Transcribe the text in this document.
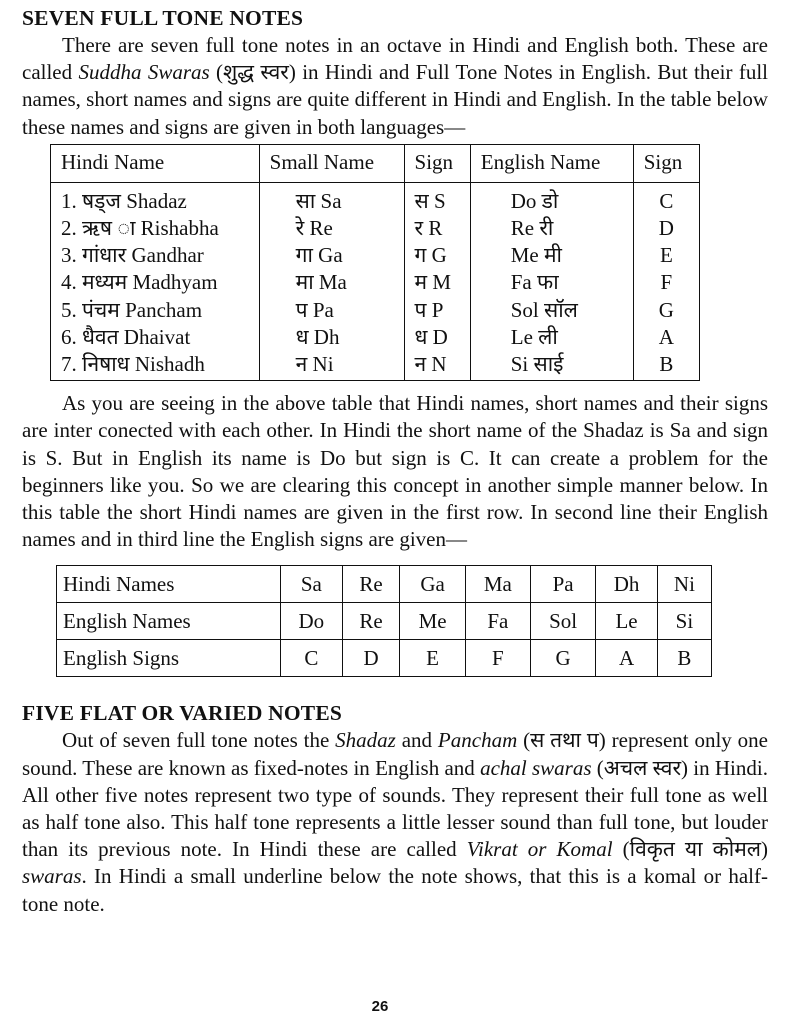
SEVEN FULL TONE NOTES

There are seven full tone notes in an octave in Hindi and English both. These are called Suddha Swaras (शुद्ध स्वर) in Hindi and Full Tone Notes in English. But their full names, short names and signs are quite different in Hindi and English. In the table below these names and signs are given in both languages—

Hindi Name	Small Name	Sign	English Name	Sign
1. षड्ज Shadaz	सा Sa	स S	Do डो	C
2. ऋष ा Rishabha	रे Re	र R	Re री	D
3. गांधार Gandhar	गा Ga	ग G	Me मी	E
4. मध्यम Madhyam	मा Ma	म M	Fa फा	F
5. पंचम Pancham	प Pa	प P	Sol सॉल	G
6. धैवत Dhaivat	ध Dh	ध D	Le ली	A
7. निषाध Nishadh	न Ni	न N	Si साई	B

As you are seeing in the above table that Hindi names, short names and their signs are inter conected with each other. In Hindi the short name of the Shadaz is Sa and sign is S. But in English its name is Do but sign is C. It can create a problem for the beginners like you. So we are clearing this concept in another simple manner below. In this table the short Hindi names are given in the first row. In second line their English names and in third line the English signs are given—

Hindi Names	Sa	Re	Ga	Ma	Pa	Dh	Ni
English Names	Do	Re	Me	Fa	Sol	Le	Si
English Signs	C	D	E	F	G	A	B
FIVE FLAT OR VARIED NOTES

Out of seven full tone notes the Shadaz and Pancham (स तथा प) represent only one sound. These are known as fixed-notes in English and achal swaras (अचल स्वर) in Hindi. All other five notes represent two type of sounds. They represent their full tone as well as half tone also. This half tone represents a little lesser sound than full tone, but louder than its previous note. In Hindi these are called Vikrat or Komal (विकृत या कोमल) swaras. In Hindi a small underline below the note shows, that this is a komal or half-tone note.

26
